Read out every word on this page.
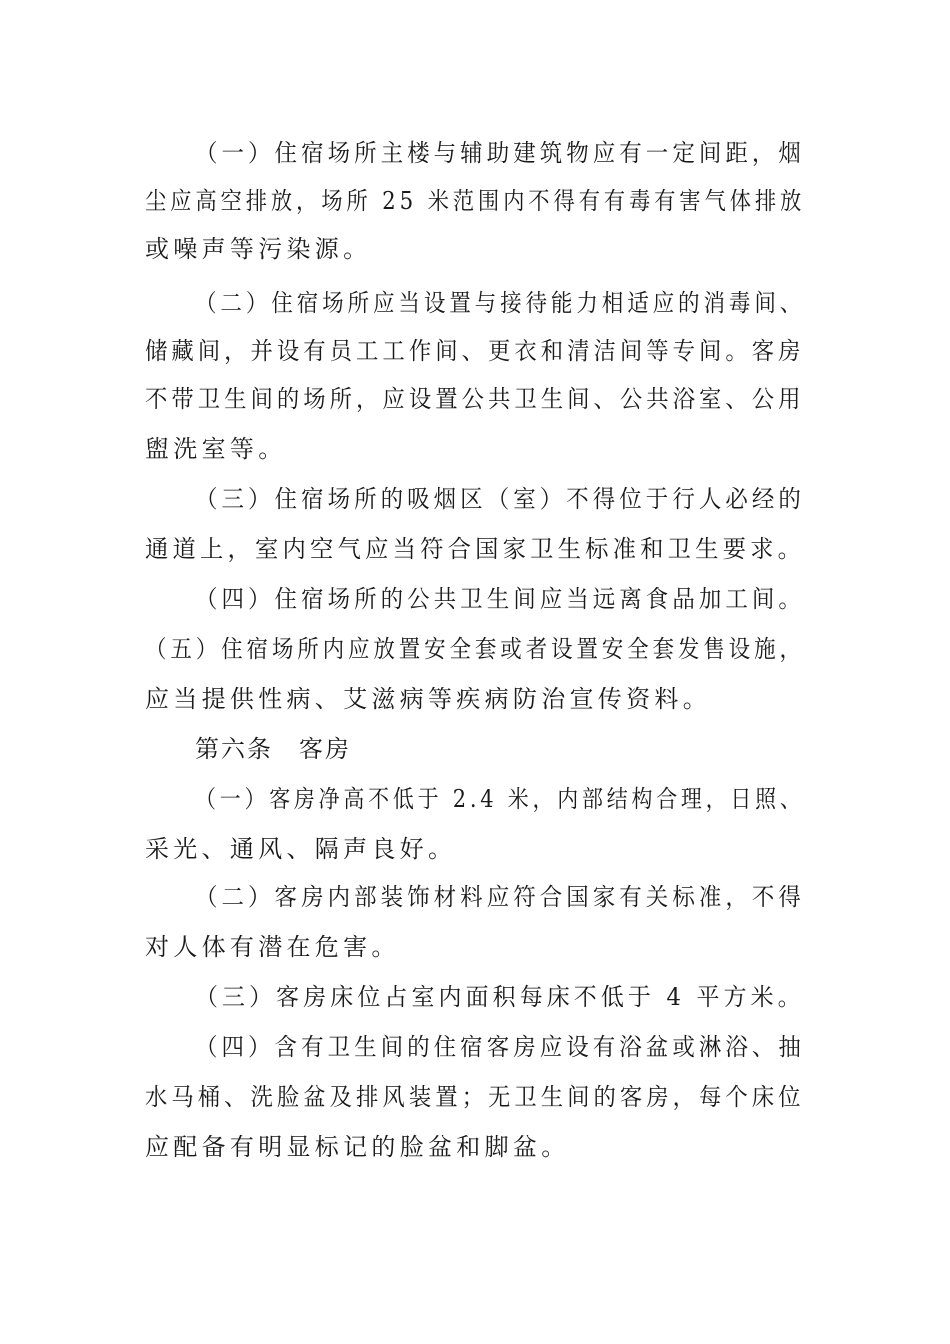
（一）住宿场所主楼与辅助建筑物应有一定间距，烟
尘应高空排放，场所 25 米范围内不得有有毒有害气体排放
或噪声等污染源。
（二）住宿场所应当设置与接待能力相适应的消毒间、
储藏间，并设有员工工作间、更衣和清洁间等专间。客房
不带卫生间的场所，应设置公共卫生间、公共浴室、公用
盥洗室等。
（三）住宿场所的吸烟区（室）不得位于行人必经的
通道上，室内空气应当符合国家卫生标准和卫生要求。
（四）住宿场所的公共卫生间应当远离食品加工间。
（五）住宿场所内应放置安全套或者设置安全套发售设施，
应当提供性病、艾滋病等疾病防治宣传资料。
第六条　客房
（一）客房净高不低于 2.4 米，内部结构合理，日照、
采光、通风、隔声良好。
（二）客房内部装饰材料应符合国家有关标准，不得
对人体有潜在危害。
（三）客房床位占室内面积每床不低于 4 平方米。
（四）含有卫生间的住宿客房应设有浴盆或淋浴、抽
水马桶、洗脸盆及排风装置；无卫生间的客房，每个床位
应配备有明显标记的脸盆和脚盆。
